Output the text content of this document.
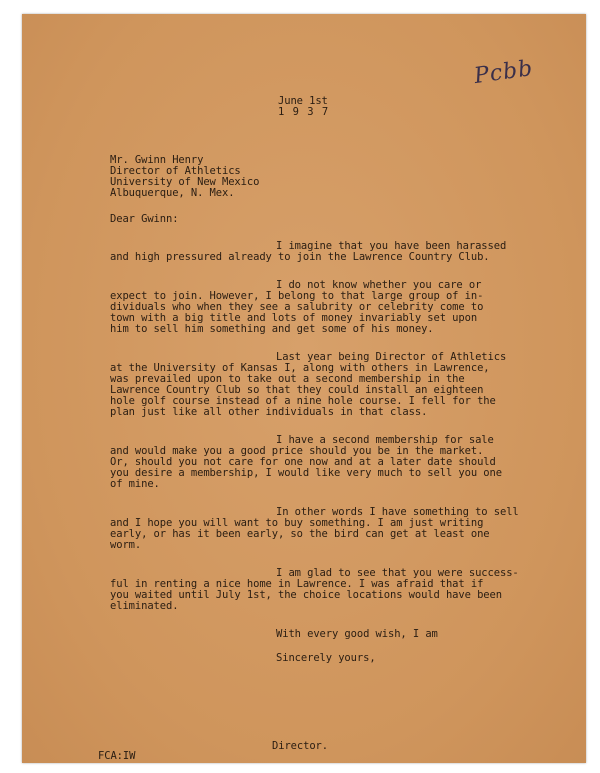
Pcbb
June 1st
1 9 3 7
Mr. Gwinn Henry
Director of Athletics
University of New Mexico
Albuquerque, N. Mex.
Dear Gwinn:
I imagine that you have been harassed
and high pressured already to join the Lawrence Country Club.
I do not know whether you care or
expect to join. However, I belong to that large group of in-
dividuals who when they see a salubrity or celebrity come to
town with a big title and lots of money invariably set upon
him to sell him something and get some of his money.
Last year being Director of Athletics
at the University of Kansas I, along with others in Lawrence,
was prevailed upon to take out a second membership in the
Lawrence Country Club so that they could install an eighteen
hole golf course instead of a nine hole course. I fell for the
plan just like all other individuals in that class.
I have a second membership for sale
and would make you a good price should you be in the market.
Or, should you not care for one now and at a later date should
you desire a membership, I would like very much to sell you one
of mine.
In other words I have something to sell
and I hope you will want to buy something. I am just writing
early, or has it been early, so the bird can get at least one
worm.
I am glad to see that you were success-
ful in renting a nice home in Lawrence. I was afraid that if
you waited until July 1st, the choice locations would have been
eliminated.
With every good wish, I am
Sincerely yours,
Director.
FCA:IW
